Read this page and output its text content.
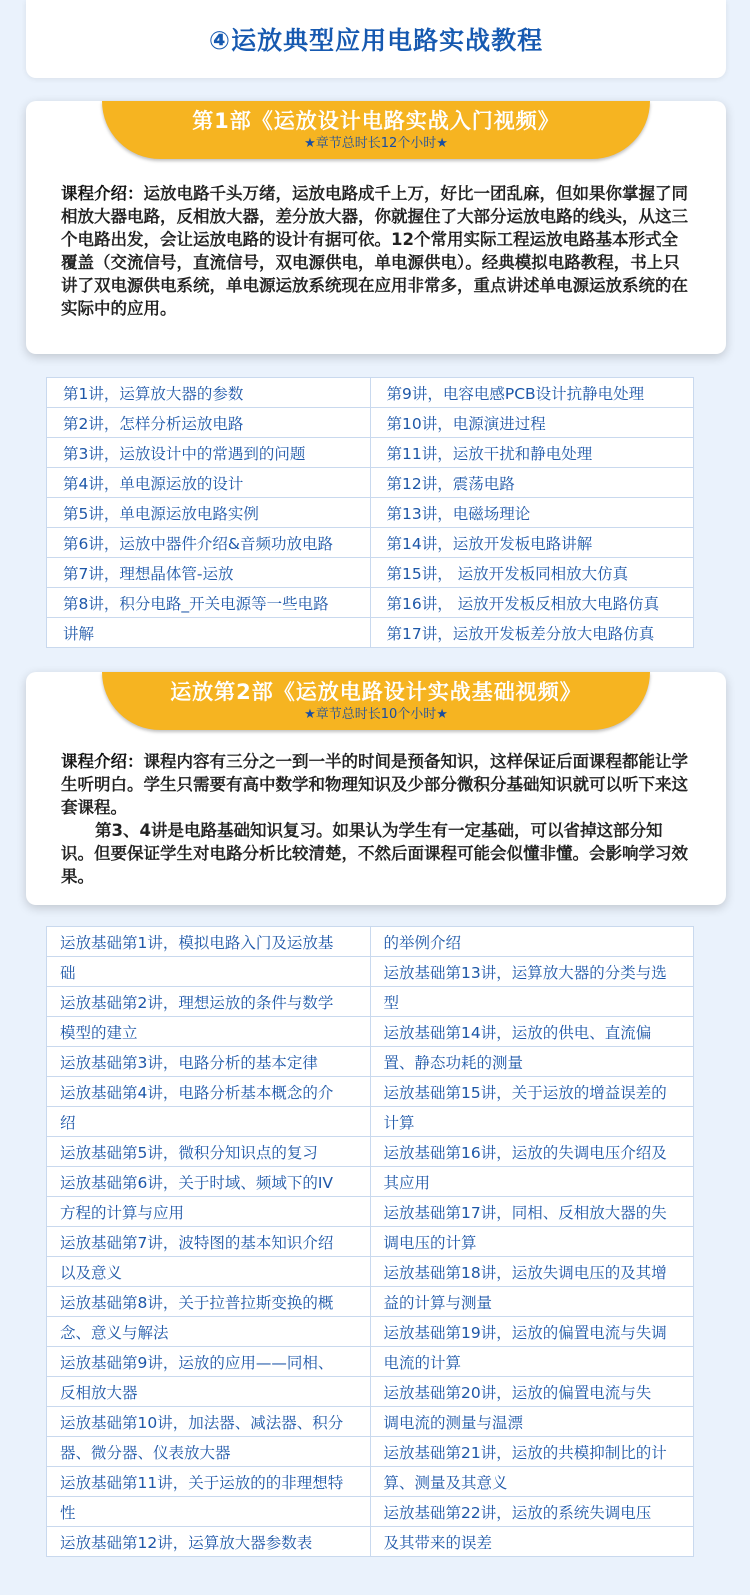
④运放典型应用电路实战教程
第1部《运放设计电路实战入门视频》
★章节总时长12个小时★

课程介绍：运放电路千头万绪，运放电路成千上万，好比一团乱麻，但如果你掌握了同相放大器电路，反相放大器，差分放大器，你就握住了大部分运放电路的线头，从这三个电路出发，会让运放电路的设计有据可依。12个常用实际工程运放电路基本形式全覆盖（交流信号，直流信号，双电源供电，单电源供电）。经典模拟电路教程，书上只讲了双电源供电系统，单电源运放系统现在应用非常多，重点讲述单电源运放系统的在实际中的应用。

第1讲，运算放大器的参数	第9讲，电容电感PCB设计抗静电处理
第2讲，怎样分析运放电路	第10讲，电源演进过程
第3讲，运放设计中的常遇到的问题	第11讲，运放干扰和静电处理
第4讲，单电源运放的设计	第12讲，震荡电路
第5讲，单电源运放电路实例	第13讲，电磁场理论
第6讲，运放中器件介绍&音频功放电路	第14讲，运放开发板电路讲解
第7讲，理想晶体管-运放	第15讲， 运放开发板同相放大仿真
第8讲，积分电路_开关电源等一些电路	第16讲， 运放开发板反相放大电路仿真
讲解	第17讲，运放开发板差分放大电路仿真
运放第2部《运放电路设计实战基础视频》
★章节总时长10个小时★

课程介绍：课程内容有三分之一到一半的时间是预备知识，这样保证后面课程都能让学生听明白。学生只需要有高中数学和物理知识及少部分微积分基础知识就可以听下来这套课程。

第3、4讲是电路基础知识复习。如果认为学生有一定基础，可以省掉这部分知识。但要保证学生对电路分析比较清楚，不然后面课程可能会似懂非懂。会影响学习效果。

运放基础第1讲，模拟电路入门及运放基	的举例介绍
础	运放基础第13讲，运算放大器的分类与选
运放基础第2讲，理想运放的条件与数学	型
模型的建立	运放基础第14讲，运放的供电、直流偏
运放基础第3讲，电路分析的基本定律	置、静态功耗的测量
运放基础第4讲，电路分析基本概念的介	运放基础第15讲，关于运放的增益误差的
绍	计算
运放基础第5讲，微积分知识点的复习	运放基础第16讲，运放的失调电压介绍及
运放基础第6讲，关于时域、频域下的IV	其应用
方程的计算与应用	运放基础第17讲，同相、反相放大器的失
运放基础第7讲，波特图的基本知识介绍	调电压的计算
以及意义	运放基础第18讲，运放失调电压的及其增
运放基础第8讲，关于拉普拉斯变换的概	益的计算与测量
念、意义与解法	运放基础第19讲，运放的偏置电流与失调
运放基础第9讲，运放的应用——同相、	电流的计算
反相放大器	运放基础第20讲，运放的偏置电流与失
运放基础第10讲，加法器、减法器、积分	调电流的测量与温漂
器、微分器、仪表放大器	运放基础第21讲，运放的共模抑制比的计
运放基础第11讲，关于运放的的非理想特	算、测量及其意义
性	运放基础第22讲，运放的系统失调电压
运放基础第12讲，运算放大器参数表	及其带来的误差
